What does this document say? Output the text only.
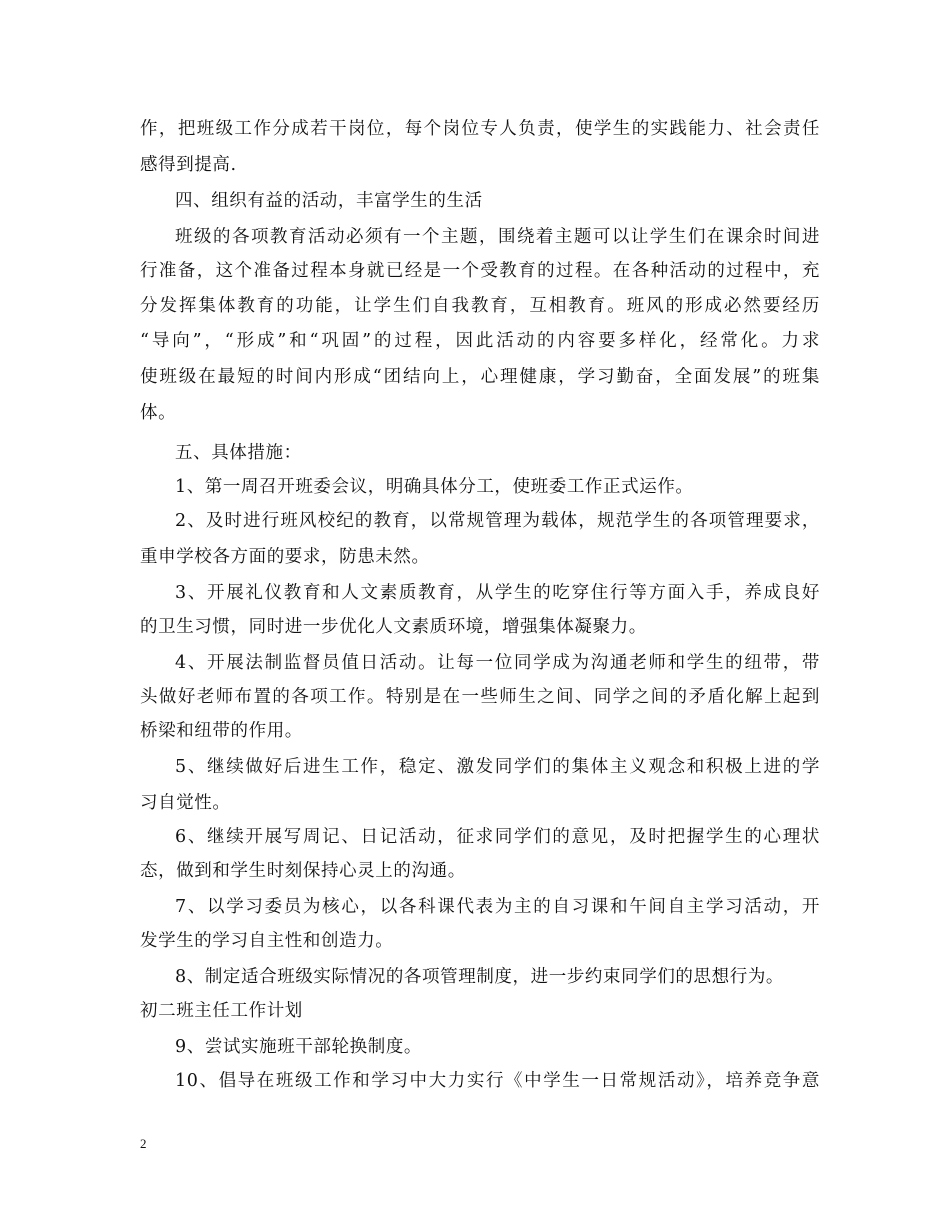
作，把班级工作分成若干岗位，每个岗位专人负责，使学生的实践能力、社会责任
感得到提高.
四、组织有益的活动，丰富学生的生活
班级的各项教育活动必须有一个主题，围绕着主题可以让学生们在课余时间进
行准备，这个准备过程本身就已经是一个受教育的过程。在各种活动的过程中，充
分发挥集体教育的功能，让学生们自我教育，互相教育。班风的形成必然要经历
“导向”，“形成”和“巩固”的过程，因此活动的内容要多样化，经常化。力求
使班级在最短的时间内形成“团结向上，心理健康，学习勤奋，全面发展”的班集
体。
五、具体措施：
1、第一周召开班委会议，明确具体分工，使班委工作正式运作。
2、及时进行班风校纪的教育，以常规管理为载体，规范学生的各项管理要求，
重申学校各方面的要求，防患未然。
3、开展礼仪教育和人文素质教育，从学生的吃穿住行等方面入手，养成良好
的卫生习惯，同时进一步优化人文素质环境，增强集体凝聚力。
4、开展法制监督员值日活动。让每一位同学成为沟通老师和学生的纽带，带
头做好老师布置的各项工作。特别是在一些师生之间、同学之间的矛盾化解上起到
桥梁和纽带的作用。
5、继续做好后进生工作，稳定、激发同学们的集体主义观念和积极上进的学
习自觉性。
6、继续开展写周记、日记活动，征求同学们的意见，及时把握学生的心理状
态，做到和学生时刻保持心灵上的沟通。
7、以学习委员为核心，以各科课代表为主的自习课和午间自主学习活动，开
发学生的学习自主性和创造力。
8、制定适合班级实际情况的各项管理制度，进一步约束同学们的思想行为。
初二班主任工作计划
9、尝试实施班干部轮换制度。
10、倡导在班级工作和学习中大力实行《中学生一日常规活动》，培养竞争意
2
